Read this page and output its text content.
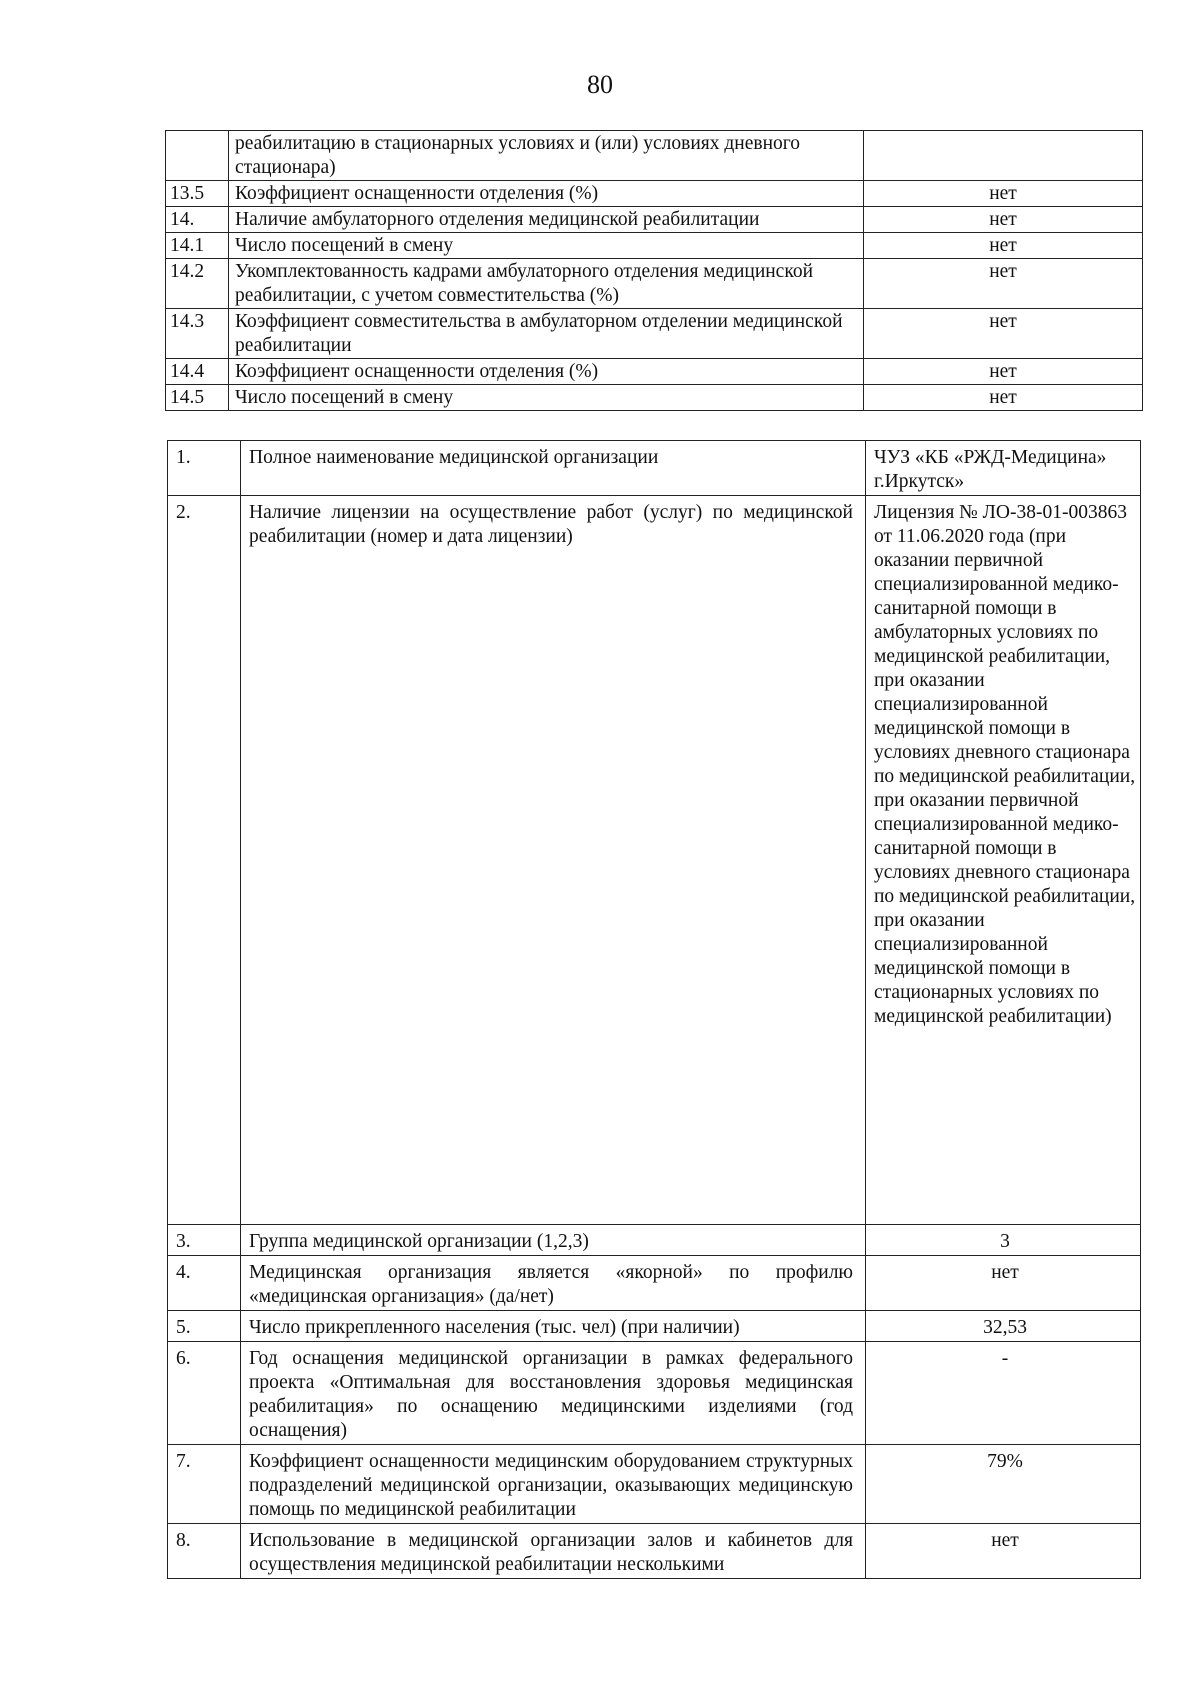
80
	реабилитацию в стационарных условиях и (или) условиях дневного стационара)	
13.5	Коэффициент оснащенности отделения (%)	нет
14.	Наличие амбулаторного отделения медицинской реабилитации	нет
14.1	Число посещений в смену	нет
14.2	Укомплектованность кадрами амбулаторного отделения медицинской реабилитации, с учетом совместительства (%)	нет
14.3	Коэффициент совместительства в амбулаторном отделении медицинской реабилитации	нет
14.4	Коэффициент оснащенности отделения (%)	нет
14.5	Число посещений в смену	нет
1.	Полное наименование медицинской организации	ЧУЗ «КБ «РЖД-Медицина» г.Иркутск»
2.	Наличие лицензии на осуществление работ (услуг) по медицинской реабилитации (номер и дата лицензии)	Лицензия № ЛО-38-01-003863 от 11.06.2020 года (при оказании первичной специализированной медико-санитарной помощи в амбулаторных условиях по медицинской реабилитации, при оказании специализированной медицинской помощи в условиях дневного стационара по медицинской реабилитации, при оказании первичной специализированной медико-санитарной помощи в условиях дневного стационара по медицинской реабилитации, при оказании специализированной медицинской помощи в стационарных условиях по медицинской реабилитации)
3.	Группа медицинской организации (1,2,3)	3
4.	Медицинская организация является «якорной» по профилю «медицинская организация» (да/нет)	нет
5.	Число прикрепленного населения (тыс. чел) (при наличии)	32,53
6.	Год оснащения медицинской организации в рамках федерального проекта «Оптимальная для восстановления здоровья медицинская реабилитация» по оснащению медицинскими изделиями (год оснащения)	-
7.	Коэффициент оснащенности медицинским оборудованием структурных подразделений медицинской организации, оказывающих медицинскую помощь по медицинской реабилитации	79%
8.	Использование в медицинской организации залов и кабинетов для осуществления медицинской реабилитации несколькими	нет
